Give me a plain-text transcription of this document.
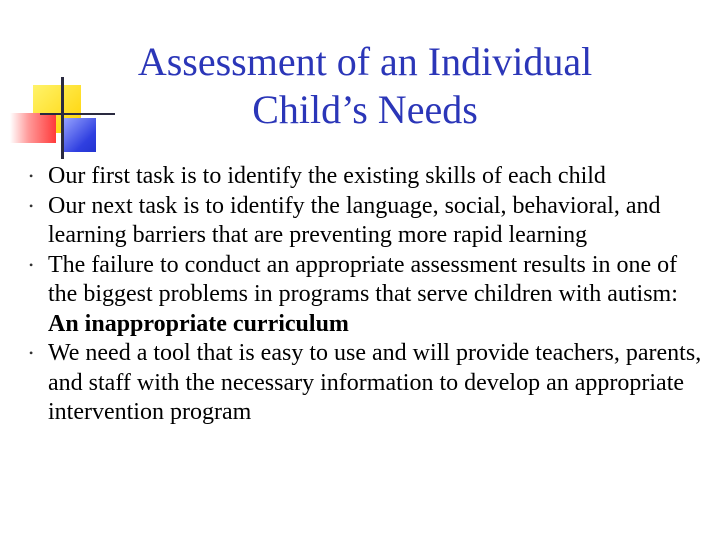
Assessment of an Individual
Child’s Needs
• Our first task is to identify the existing skills of each child
• Our next task is to identify the language, social, behavioral, and learning barriers that are preventing more rapid learning
• The failure to conduct an appropriate assessment results in one of the biggest problems in programs that serve children with autism: An inappropriate curriculum
• We need a tool that is easy to use and will provide teachers, parents, and staff with the necessary information to develop an appropriate intervention program
